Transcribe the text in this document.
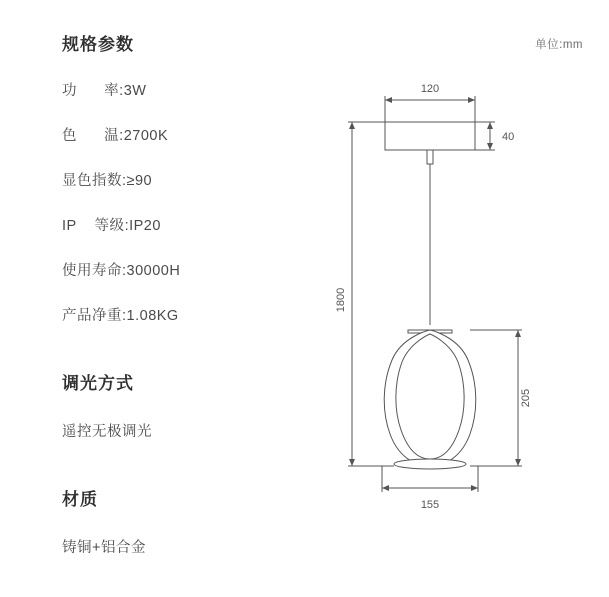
单位:mm
规格参数
功      率:3W
色      温:2700K
显色指数:≥90
IP    等级:IP20
使用寿命:30000H
产品净重:1.08KG
调光方式
遥控无极调光
材质
铸铜+铝合金
120
40
1800
205
155
